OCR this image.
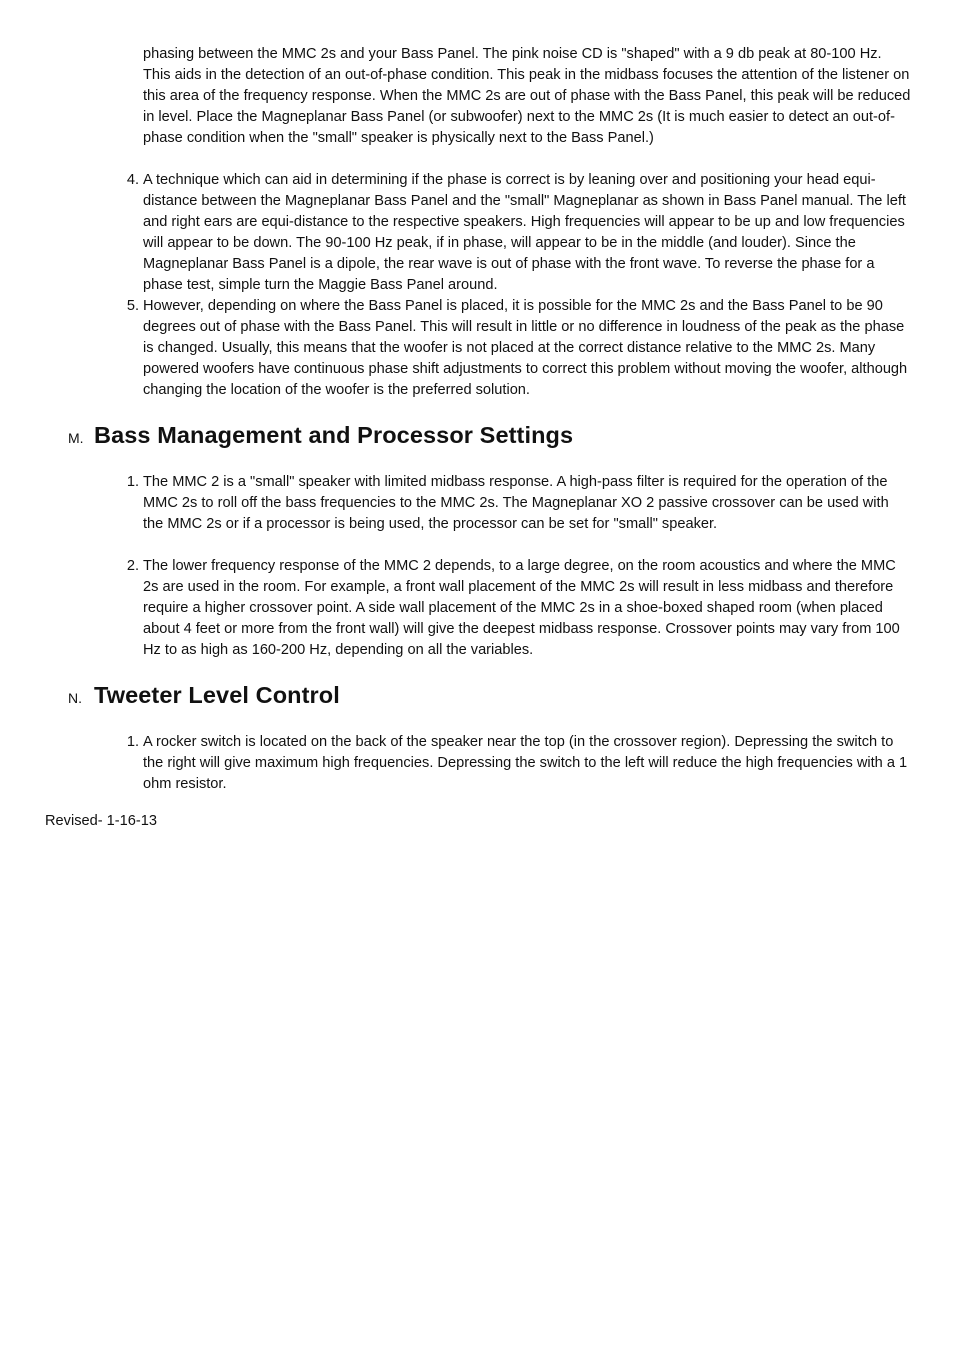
phasing between the MMC 2s and your Bass Panel. The pink noise CD is "shaped" with a 9 db peak at 80-100 Hz. This aids in the detection of an out-of-phase condition. This peak in the midbass focuses the attention of the listener on this area of the frequency response. When the MMC 2s are out of phase with the Bass Panel, this peak will be reduced in level. Place the Magneplanar Bass Panel (or subwoofer) next to the MMC 2s (It is much easier to detect an out-of-phase condition when the "small" speaker is physically next to the Bass Panel.)

4. A technique which can aid in determining if the phase is correct is by leaning over and positioning your head equi-distance between the Magneplanar Bass Panel and the "small" Magneplanar as shown in Bass Panel manual. The left and right ears are equi-distance to the respective speakers. High frequencies will appear to be up and low frequencies will appear to be down. The 90-100 Hz peak, if in phase, will appear to be in the middle (and louder). Since the Magneplanar Bass Panel is a dipole, the rear wave is out of phase with the front wave. To reverse the phase for a phase test, simple turn the Maggie Bass Panel around.

5. However, depending on where the Bass Panel is placed, it is possible for the MMC 2s and the Bass Panel to be 90 degrees out of phase with the Bass Panel. This will result in little or no difference in loudness of the peak as the phase is changed. Usually, this means that the woofer is not placed at the correct distance relative to the MMC 2s. Many powered woofers have continuous phase shift adjustments to correct this problem without moving the woofer, although changing the location of the woofer is the preferred solution.

M. Bass Management and Processor Settings

1. The MMC 2 is a "small" speaker with limited midbass response. A high-pass filter is required for the operation of the MMC 2s to roll off the bass frequencies to the MMC 2s. The Magneplanar XO 2 passive crossover can be used with the MMC 2s or if a processor is being used, the processor can be set for "small" speaker.

2. The lower frequency response of the MMC 2 depends, to a large degree, on the room acoustics and where the MMC 2s are used in the room. For example, a front wall placement of the MMC 2s will result in less midbass and therefore require a higher crossover point. A side wall placement of the MMC 2s in a shoe-boxed shaped room (when placed about 4 feet or more from the front wall) will give the deepest midbass response. Crossover points may vary from 100 Hz to as high as 160-200 Hz, depending on all the variables.

N. Tweeter Level Control

1. A rocker switch is located on the back of the speaker near the top (in the crossover region). Depressing the switch to the right will give maximum high frequencies. Depressing the switch to the left will reduce the high frequencies with a 1 ohm resistor.

Revised- 1-16-13
